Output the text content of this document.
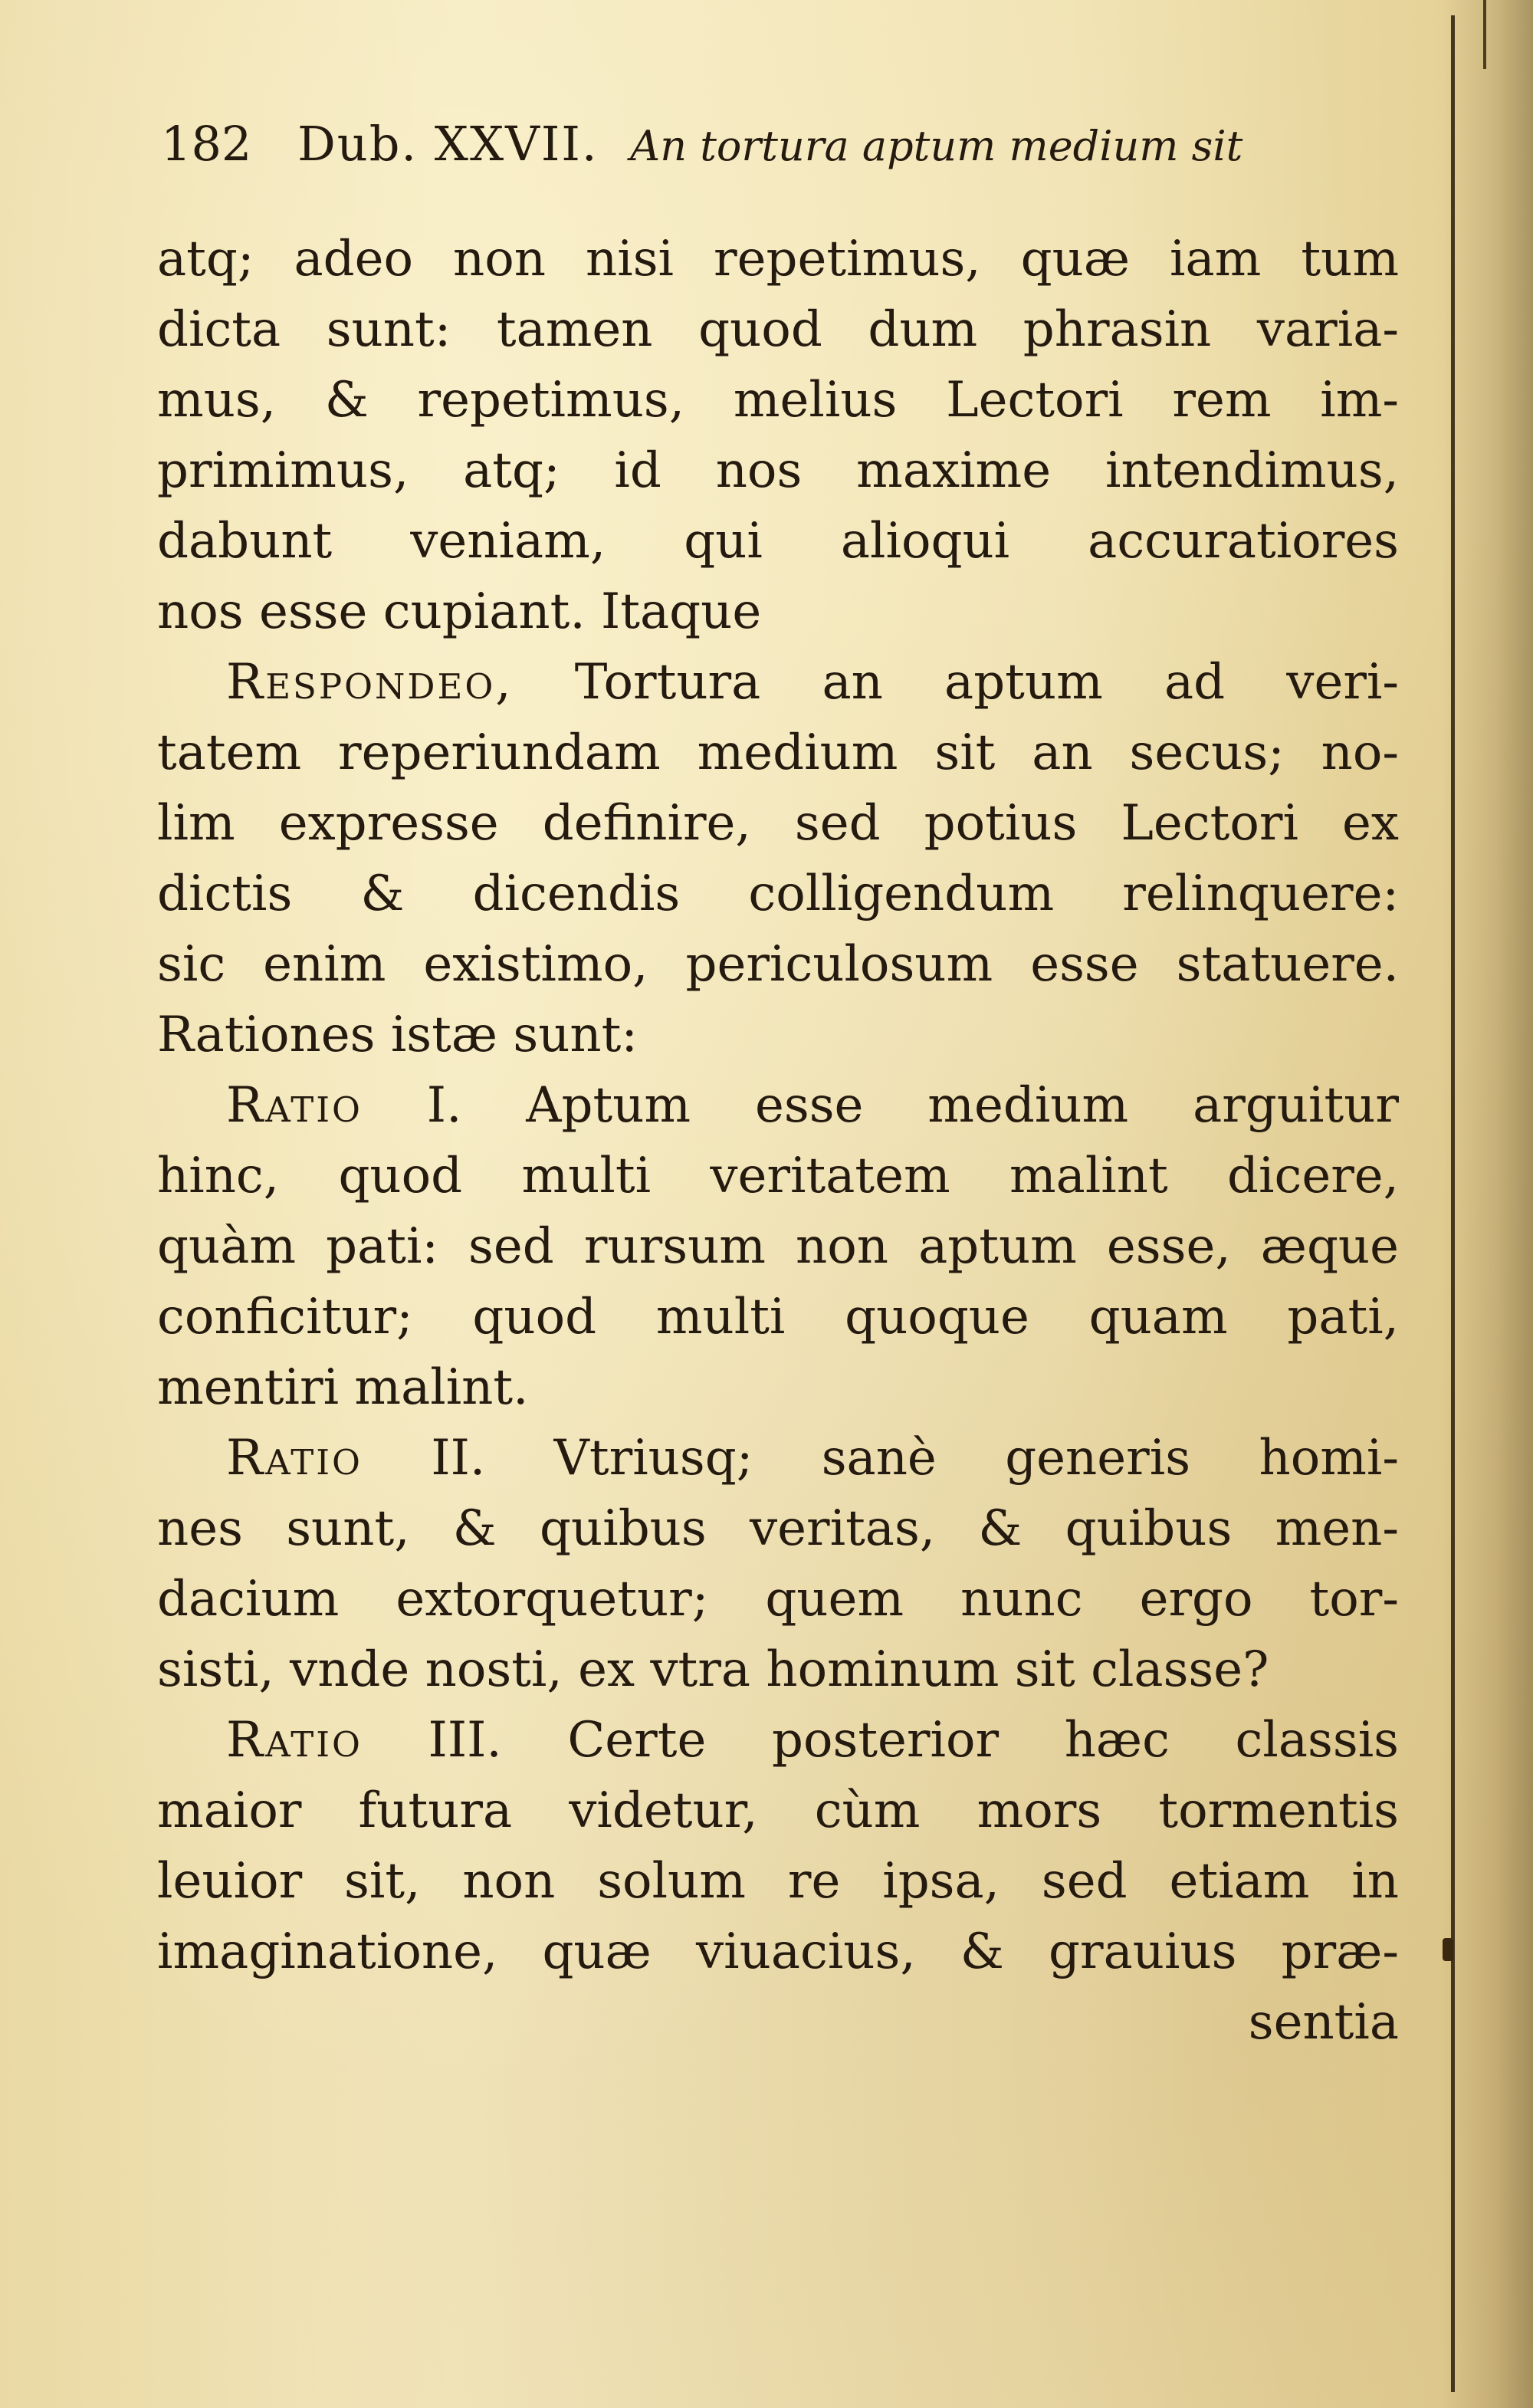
182 Dub. XXVII. An tortura aptum medium sit
atq; adeo non nisi repetimus, quæ iam tum
dicta sunt: tamen quod dum phrasin varia-
mus, & repetimus, melius Lectori rem im-
primimus, atq; id nos maxime intendimus,
dabunt veniam, qui alioqui accuratiores
nos esse cupiant. Itaque
Respondeo, Tortura an aptum ad veri-
tatem reperiundam medium sit an secus; no-
lim expresse definire, sed potius Lectori ex
dictis & dicendis colligendum relinquere:
sic enim existimo, periculosum esse statuere.
Rationes istæ sunt:
Ratio I. Aptum esse medium arguitur
hinc, quod multi veritatem malint dicere,
quàm pati: sed rursum non aptum esse, æque
conficitur; quod multi quoque quam pati,
mentiri malint.
Ratio II. Vtriusq; sanè generis homi-
nes sunt, & quibus veritas, & quibus men-
dacium extorquetur; quem nunc ergo tor-
sisti, vnde nosti, ex vtra hominum sit classe?
Ratio III. Certe posterior hæc classis
maior futura videtur, cùm mors tormentis
leuior sit, non solum re ipsa, sed etiam in
imaginatione, quæ viuacius, & grauius præ-
sentia
